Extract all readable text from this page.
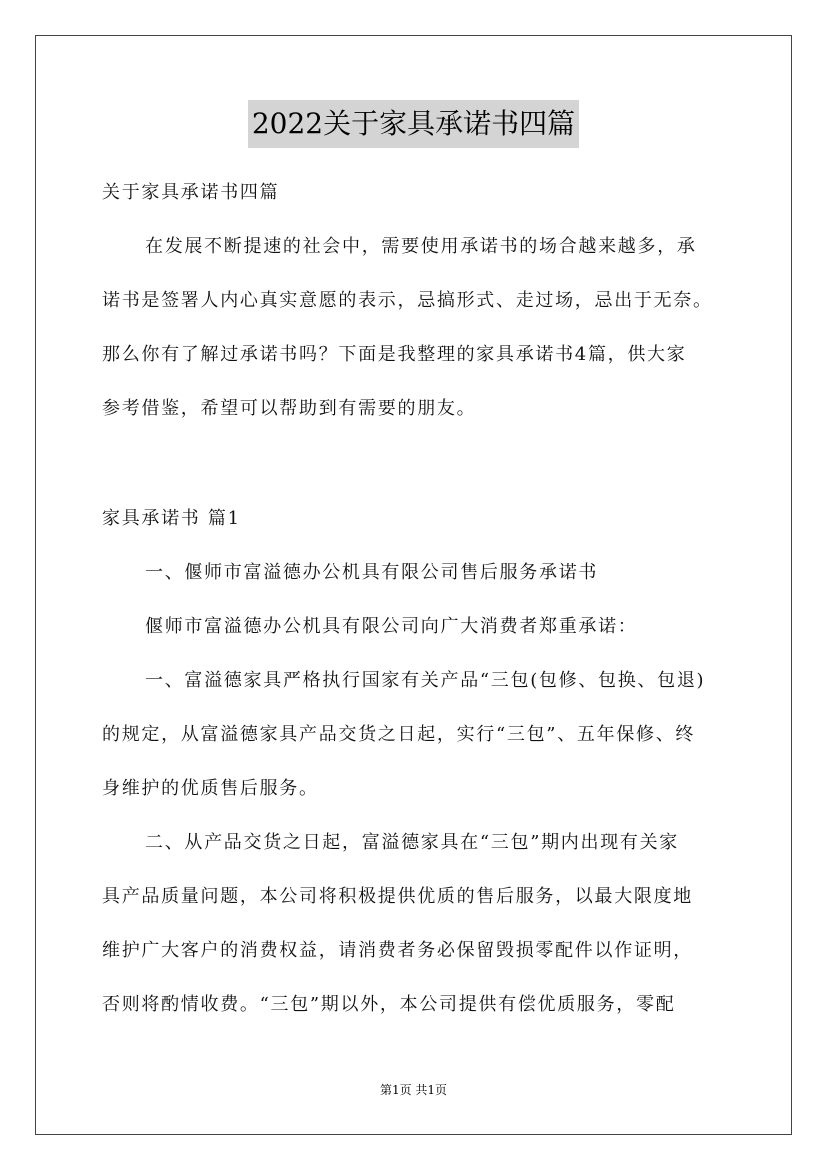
2022关于家具承诺书四篇
关于家具承诺书四篇
在发展不断提速的社会中，需要使用承诺书的场合越来越多，承
诺书是签署人内心真实意愿的表示，忌搞形式、走过场，忌出于无奈。
那么你有了解过承诺书吗？下面是我整理的家具承诺书4篇，供大家
参考借鉴，希望可以帮助到有需要的朋友。
家具承诺书 篇1
一、偃师市富溢德办公机具有限公司售后服务承诺书
偃师市富溢德办公机具有限公司向广大消费者郑重承诺：
一、富溢德家具严格执行国家有关产品“三包(包修、包换、包退)
的规定，从富溢德家具产品交货之日起，实行“三包”、五年保修、终
身维护的优质售后服务。
二、从产品交货之日起，富溢德家具在“三包”期内出现有关家
具产品质量问题，本公司将积极提供优质的售后服务，以最大限度地
维护广大客户的消费权益，请消费者务必保留毁损零配件以作证明，
否则将酌情收费。“三包”期以外，本公司提供有偿优质服务，零配
第1页 共1页
